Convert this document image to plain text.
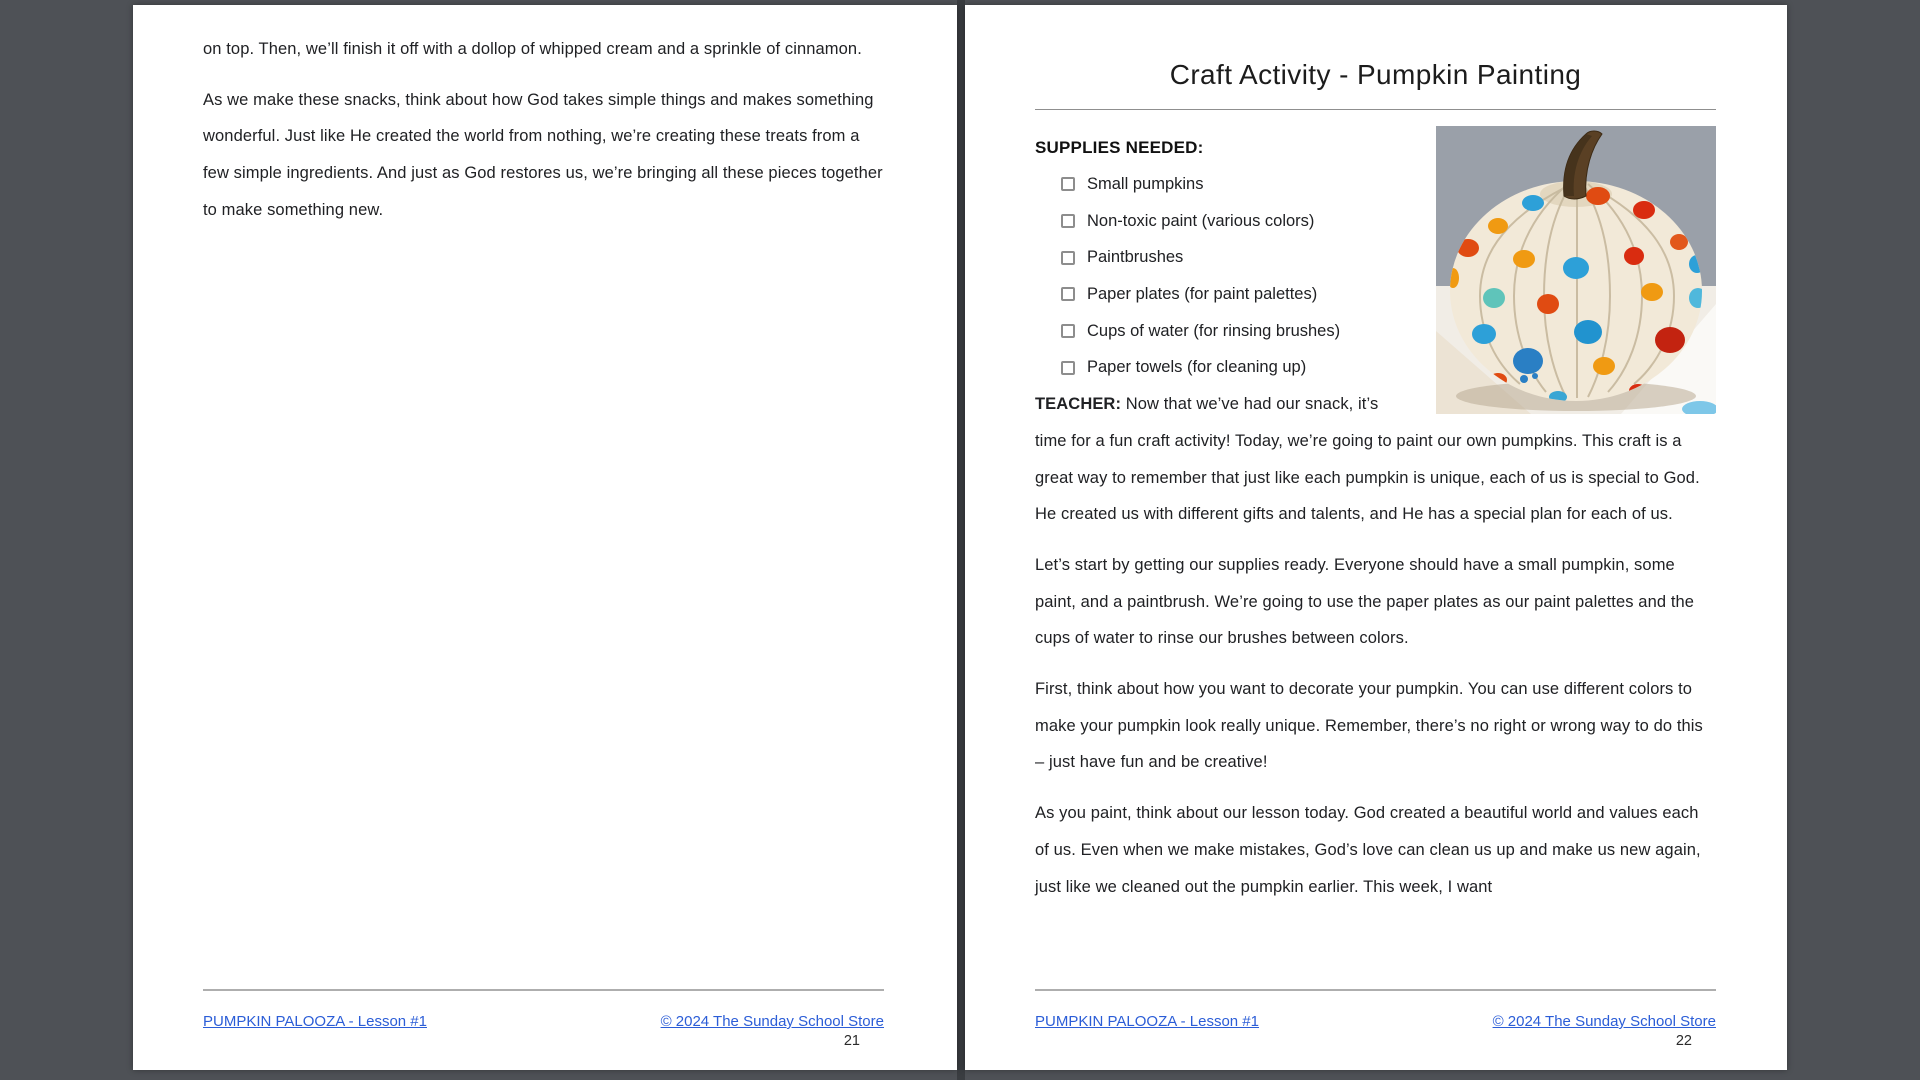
on top. Then, we’ll finish it off with a dollop of whipped cream and a sprinkle of cinnamon.

As we make these snacks, think about how God takes simple things and makes something wonderful. Just like He created the world from nothing, we’re creating these treats from a few simple ingredients. And just as God restores us, we’re bringing all these pieces together to make something new.

PUMPKIN PALOOZA - Lesson #1	© 2024 The Sunday School Store
21
Craft Activity - Pumpkin Painting
SUPPLIES NEEDED:
Small pumpkins
Non-toxic paint (various colors)
Paintbrushes
Paper plates (for paint palettes)
Cups of water (for rinsing brushes)
Paper towels (for cleaning up)

TEACHER: Now that we’ve had our snack, it’s time for a fun craft activity! Today, we’re going to paint our own pumpkins. This craft is a great way to remember that just like each pumpkin is unique, each of us is special to God. He created us with different gifts and talents, and He has a special plan for each of us.

Let’s start by getting our supplies ready. Everyone should have a small pumpkin, some paint, and a paintbrush. We’re going to use the paper plates as our paint palettes and the cups of water to rinse our brushes between colors.

First, think about how you want to decorate your pumpkin. You can use different colors to make your pumpkin look really unique. Remember, there’s no right or wrong way to do this – just have fun and be creative!

As you paint, think about our lesson today. God created a beautiful world and values each of us. Even when we make mistakes, God’s love can clean us up and make us new again, just like we cleaned out the pumpkin earlier. This week, I want

PUMPKIN PALOOZA - Lesson #1	© 2024 The Sunday School Store
22
